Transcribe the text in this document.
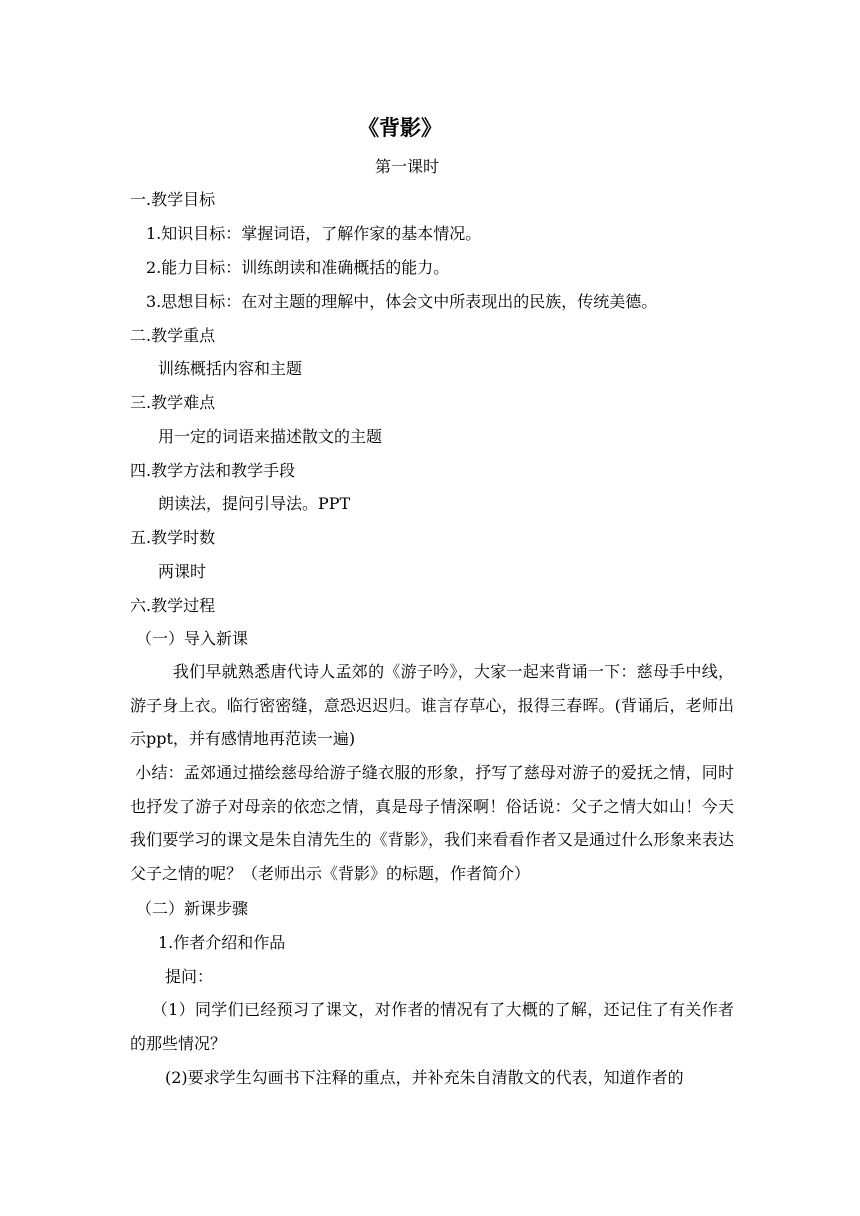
《背影》
第一课时
一.教学目标
1.知识目标：掌握词语，了解作家的基本情况。
2.能力目标：训练朗读和准确概括的能力。
3.思想目标：在对主题的理解中，体会文中所表现出的民族，传统美德。
二.教学重点
训练概括内容和主题
三.教学难点
用一定的词语来描述散文的主题
四.教学方法和教学手段
朗读法，提问引导法。PPT
五.教学时数
两课时
六.教学过程
（一）导入新课
我们早就熟悉唐代诗人孟郊的《游子吟》，大家一起来背诵一下：慈母手中线，游子身上衣。临行密密缝，意恐迟迟归。谁言存草心，报得三春晖。(背诵后，老师出示ppt，并有感情地再范读一遍)
小结：孟郊通过描绘慈母给游子缝衣服的形象，抒写了慈母对游子的爱抚之情，同时也抒发了游子对母亲的依恋之情，真是母子情深啊！俗话说：父子之情大如山！今天我们要学习的课文是朱自清先生的《背影》，我们来看看作者又是通过什么形象来表达父子之情的呢？（老师出示《背影》的标题，作者简介）
（二）新课步骤
1.作者介绍和作品
提问：
（1）同学们已经预习了课文，对作者的情况有了大概的了解，还记住了有关作者的那些情况？
(2)要求学生勾画书下注释的重点，并补充朱自清散文的代表，知道作者的
